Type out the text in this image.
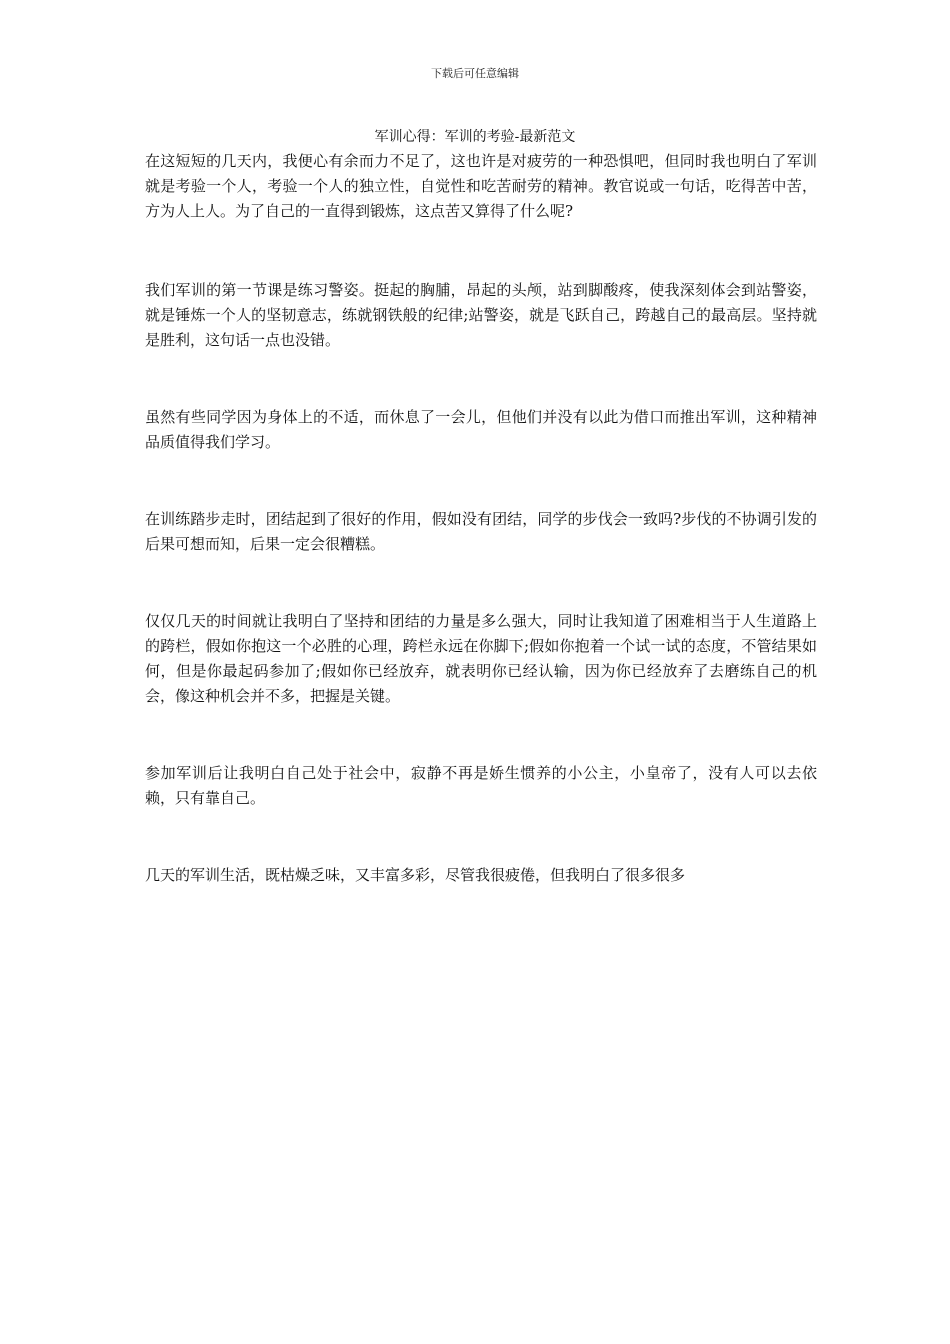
下载后可任意编辑
军训心得：军训的考验-最新范文

在这短短的几天内，我便心有余而力不足了，这也许是对疲劳的一种恐惧吧，但同时我也明白了军训就是考验一个人，考验一个人的独立性，自觉性和吃苦耐劳的精神。教官说或一句话，吃得苦中苦，方为人上人。为了自己的一直得到锻炼，这点苦又算得了什么呢?

我们军训的第一节课是练习警姿。挺起的胸脯，昂起的头颅，站到脚酸疼，使我深刻体会到站警姿，就是锤炼一个人的坚韧意志，练就钢铁般的纪律;站警姿，就是飞跃自己，跨越自己的最高层。坚持就是胜利，这句话一点也没错。

虽然有些同学因为身体上的不适，而休息了一会儿，但他们并没有以此为借口而推出军训，这种精神品质值得我们学习。

在训练踏步走时，团结起到了很好的作用，假如没有团结，同学的步伐会一致吗?步伐的不协调引发的后果可想而知，后果一定会很糟糕。

仅仅几天的时间就让我明白了坚持和团结的力量是多么强大，同时让我知道了困难相当于人生道路上的跨栏，假如你抱这一个必胜的心理，跨栏永远在你脚下;假如你抱着一个试一试的态度，不管结果如何，但是你最起码参加了;假如你已经放弃，就表明你已经认输，因为你已经放弃了去磨练自己的机会，像这种机会并不多，把握是关键。

参加军训后让我明白自己处于社会中，寂静不再是娇生惯养的小公主，小皇帝了，没有人可以去依赖，只有靠自己。

几天的军训生活，既枯燥乏味，又丰富多彩，尽管我很疲倦，但我明白了很多很多
